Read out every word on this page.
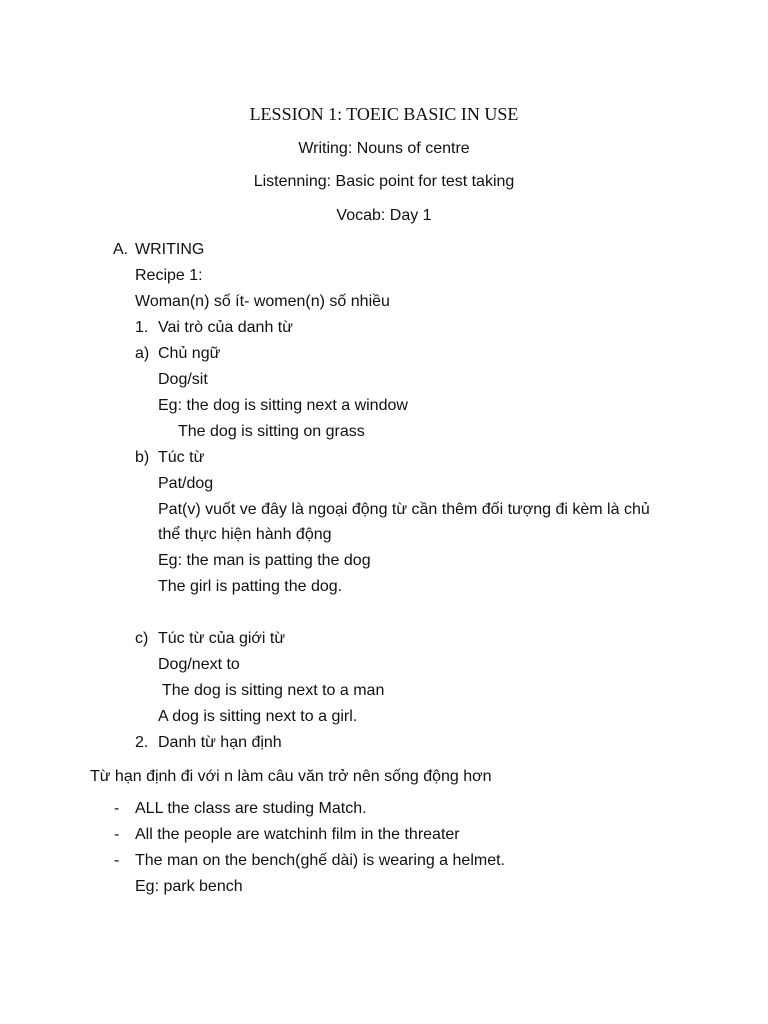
LESSION 1: TOEIC BASIC IN USE
Writing: Nouns of centre
Listenning: Basic point for test taking
Vocab: Day 1
A. WRITING
Recipe 1:
Woman(n) số ít- women(n) số nhiều
1. Vai trò của danh từ
a) Chủ ngữ
Dog/sit
Eg: the dog is sitting next a window
The dog is sitting on grass
b) Túc từ
Pat/dog
Pat(v) vuốt ve đây là ngoại động từ cần thêm đối tượng đi kèm là chủ
thể thực hiện hành động
Eg: the man is patting the dog
The girl is patting the dog.
c) Túc từ của giới từ
Dog/next to
The dog is sitting next to a man
A dog is sitting next to a girl.
2. Danh từ hạn định
Từ hạn định đi với n làm câu văn trở nên sống động hơn
- ALL the class are studing Match.
- All the people are watchinh film in the threater
- The man on the bench(ghế dài) is wearing a helmet.
Eg: park bench
